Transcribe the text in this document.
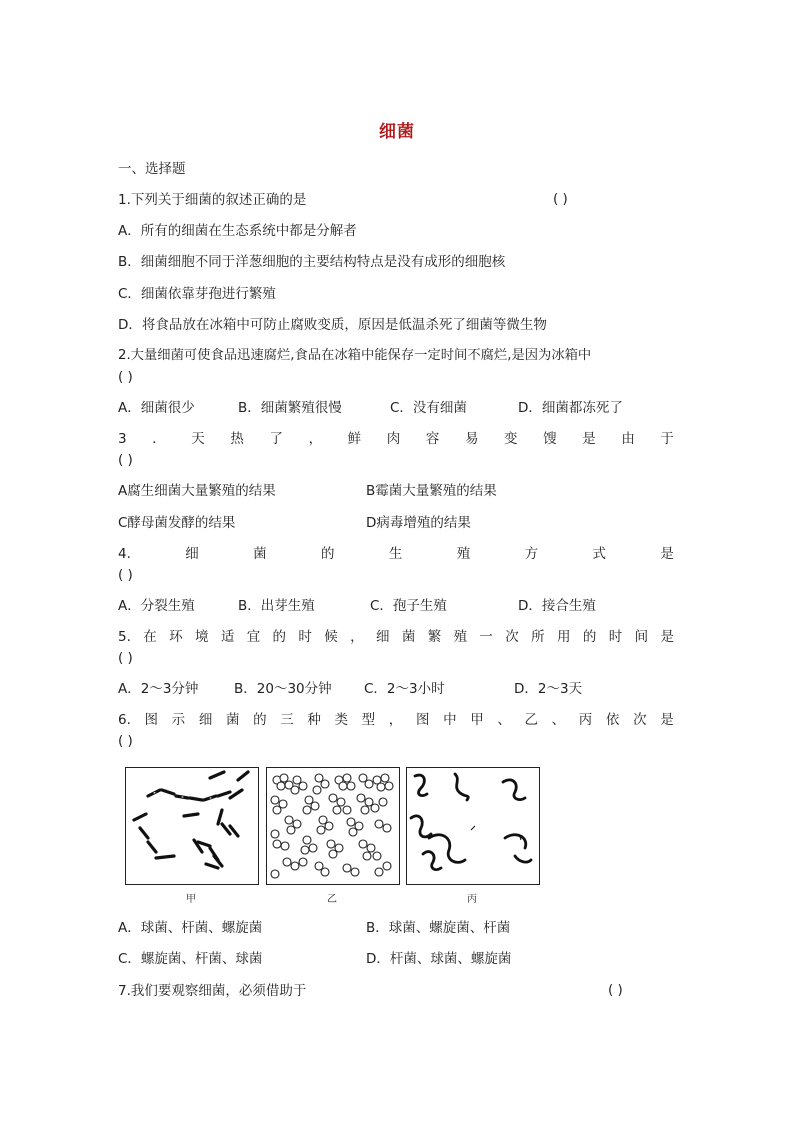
细菌
一、选择题
1.下列关于细菌的叙述正确的是	( )
A．所有的细菌在生态系统中都是分解者
B．细菌细胞不同于洋葱细胞的主要结构特点是没有成形的细胞核
C．细菌依靠芽孢进行繁殖
D．将食品放在冰箱中可防止腐败变质，原因是低温杀死了细菌等微生物
2.大量细菌可使食品迅速腐烂,食品在冰箱中能保存一定时间不腐烂,是因为冰箱中
( )
A．细菌很少	B．细菌繁殖很慢	C．没有细菌	D．细菌都冻死了
3 ． 天 热 了 ， 鲜 肉 容 易 变 馊 是 由 于
( )
A腐生细菌大量繁殖的结果	B霉菌大量繁殖的结果
C酵母菌发酵的结果	D病毒增殖的结果
4.	细	菌	的	生	殖	方	式	是
( )
A．分裂生殖	B．出芽生殖	C．孢子生殖	D．接合生殖
5. 在 环 境 适 宜 的 时 候 ， 细 菌 繁 殖 一 次 所 用 的 时 间 是
( )
A．2～3分钟	B．20～30分钟 C．2～3小时	D．2～3天
6. 图 示 细 菌 的 三 种 类 型 ， 图 中 甲 、 乙 、 丙 依 次 是
( )
甲	乙	丙
A．球菌、杆菌、螺旋菌	B．球菌、螺旋菌、杆菌
C．螺旋菌、杆菌、球菌	D．杆菌、球菌、螺旋菌
7.我们要观察细菌，必须借助于	( )
